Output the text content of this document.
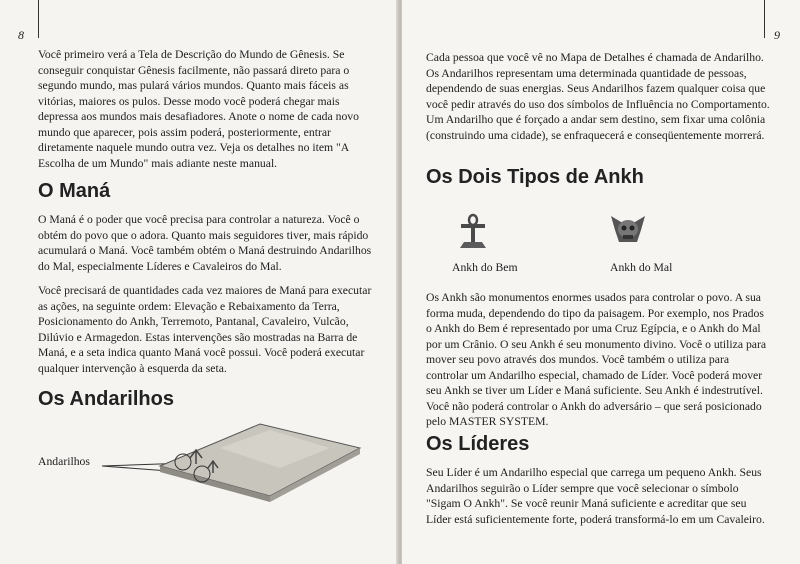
8

Você primeiro verá a Tela de Descrição do Mundo de Gênesis. Se conseguir conquistar Gênesis facilmente, não passará direto para o segundo mundo, mas pulará vários mundos. Quanto mais fáceis as vitórias, maiores os pulos. Desse modo você poderá chegar mais depressa aos mundos mais desafiadores. Anote o nome de cada novo mundo que aparecer, pois assim poderá, posteriormente, entrar diretamente naquele mundo outra vez. Veja os detalhes no item "A Escolha de um Mundo" mais adiante neste manual.

O Maná

O Maná é o poder que você precisa para controlar a natureza. Você o obtém do povo que o adora. Quanto mais seguidores tiver, mais rápido acumulará o Maná. Você também obtém o Maná destruindo Andarilhos do Mal, especialmente Líderes e Cavaleiros do Mal.

Você precisará de quantidades cada vez maiores de Maná para executar as ações, na seguinte ordem: Elevação e Rebaixamento da Terra, Posicionamento do Ankh, Terremoto, Pantanal, Cavaleiro, Vulcão, Dilúvio e Armagedon. Estas intervenções são mostradas na Barra de Maná, e a seta indica quanto Maná você possui. Você poderá executar qualquer intervenção à esquerda da seta.

Os Andarilhos
Andarilhos
9

Cada pessoa que você vê no Mapa de Detalhes é chamada de Andarilho. Os Andarilhos representam uma determinada quantidade de pessoas, dependendo de suas energias. Seus Andarilhos fazem qualquer coisa que você pedir através do uso dos símbolos de Influência no Comportamento. Um Andarilho que é forçado a andar sem destino, sem fixar uma colônia (construindo uma cidade), se enfraquecerá e conseqüentemente morrerá.

Os Dois Tipos de Ankh
Ankh do Bem	Ankh do Mal

Os Ankh são monumentos enormes usados para controlar o povo. A sua forma muda, dependendo do tipo da paisagem. Por exemplo, nos Prados o Ankh do Bem é representado por uma Cruz Egípcia, e o Ankh do Mal por um Crânio. O seu Ankh é seu monumento divino. Você o utiliza para mover seu povo através dos mundos. Você também o utiliza para controlar um Andarilho especial, chamado de Líder. Você poderá mover seu Ankh se tiver um Líder e Maná suficiente. Seu Ankh é indestrutível. Você não poderá controlar o Ankh do adversário – que será posicionado pelo MASTER SYSTEM.

Os Líderes

Seu Líder é um Andarilho especial que carrega um pequeno Ankh. Seus Andarilhos seguirão o Líder sempre que você selecionar o símbolo "Sigam O Ankh". Se você reunir Maná suficiente e acreditar que seu Líder está suficientemente forte, poderá transformá-lo em um Cavaleiro.
